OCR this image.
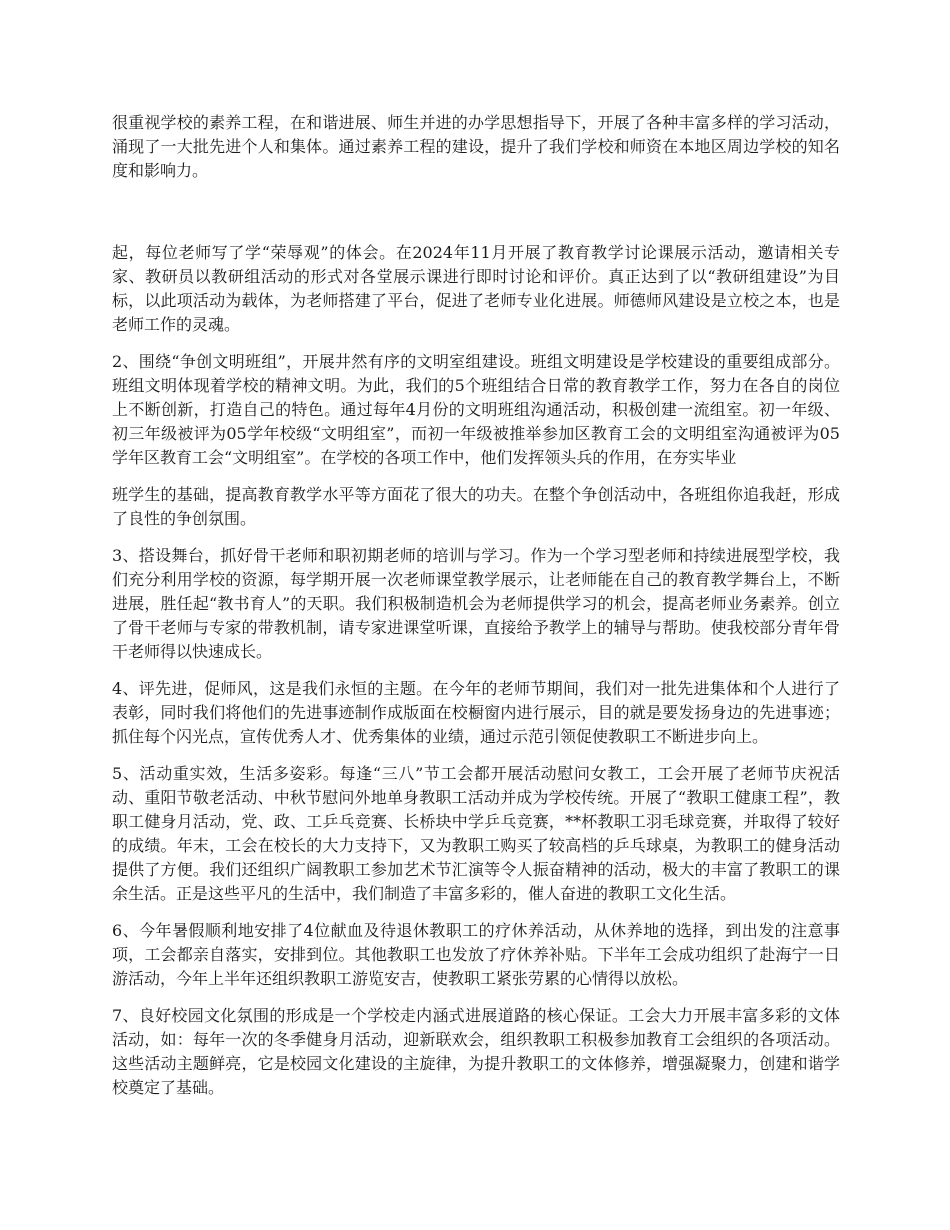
很重视学校的素养工程，在和谐进展、师生并进的办学思想指导下，开展了各种丰富多样的学习活动，涌现了一大批先进个人和集体。通过素养工程的建设，提升了我们学校和师资在本地区周边学校的知名度和影响力。

起，每位老师写了学“荣辱观”的体会。在2024年11月开展了教育教学讨论课展示活动，邀请相关专家、教研员以教研组活动的形式对各堂展示课进行即时讨论和评价。真正达到了以“教研组建设”为目标，以此项活动为载体，为老师搭建了平台，促进了老师专业化进展。师德师风建设是立校之本，也是老师工作的灵魂。

2、围绕“争创文明班组”，开展井然有序的文明室组建设。班组文明建设是学校建设的重要组成部分。班组文明体现着学校的精神文明。为此，我们的5个班组结合日常的教育教学工作，努力在各自的岗位上不断创新，打造自己的特色。通过每年4月份的文明班组沟通活动，积极创建一流组室。初一年级、初三年级被评为05学年校级“文明组室”，而初一年级被推举参加区教育工会的文明组室沟通被评为05学年区教育工会“文明组室”。在学校的各项工作中，他们发挥领头兵的作用，在夯实毕业

班学生的基础，提高教育教学水平等方面花了很大的功夫。在整个争创活动中，各班组你追我赶，形成了良性的争创氛围。

3、搭设舞台，抓好骨干老师和职初期老师的培训与学习。作为一个学习型老师和持续进展型学校，我们充分利用学校的资源，每学期开展一次老师课堂教学展示，让老师能在自己的教育教学舞台上，不断进展，胜任起“教书育人”的天职。我们积极制造机会为老师提供学习的机会，提高老师业务素养。创立了骨干老师与专家的带教机制，请专家进课堂听课，直接给予教学上的辅导与帮助。使我校部分青年骨干老师得以快速成长。

4、评先进，促师风，这是我们永恒的主题。在今年的老师节期间，我们对一批先进集体和个人进行了表彰，同时我们将他们的先进事迹制作成版面在校橱窗内进行展示，目的就是要发扬身边的先进事迹；抓住每个闪光点，宣传优秀人才、优秀集体的业绩，通过示范引领促使教职工不断进步向上。

5、活动重实效，生活多姿彩。每逢“三八”节工会都开展活动慰问女教工，工会开展了老师节庆祝活动、重阳节敬老活动、中秋节慰问外地单身教职工活动并成为学校传统。开展了“教职工健康工程”，教职工健身月活动，党、政、工乒乓竞赛、长桥块中学乒乓竞赛，**杯教职工羽毛球竞赛，并取得了较好的成绩。年末，工会在校长的大力支持下，又为教职工购买了较高档的乒乓球桌，为教职工的健身活动提供了方便。我们还组织广阔教职工参加艺术节汇演等令人振奋精神的活动，极大的丰富了教职工的课余生活。正是这些平凡的生活中，我们制造了丰富多彩的，催人奋进的教职工文化生活。

6、今年暑假顺利地安排了4位献血及待退休教职工的疗休养活动，从休养地的选择，到出发的注意事项，工会都亲自落实，安排到位。其他教职工也发放了疗休养补贴。下半年工会成功组织了赴海宁一日游活动，今年上半年还组织教职工游览安吉，使教职工紧张劳累的心情得以放松。

7、良好校园文化氛围的形成是一个学校走内涵式进展道路的核心保证。工会大力开展丰富多彩的文体活动，如：每年一次的冬季健身月活动，迎新联欢会，组织教职工积极参加教育工会组织的各项活动。这些活动主题鲜亮，它是校园文化建设的主旋律，为提升教职工的文体修养，增强凝聚力，创建和谐学校奠定了基础。
